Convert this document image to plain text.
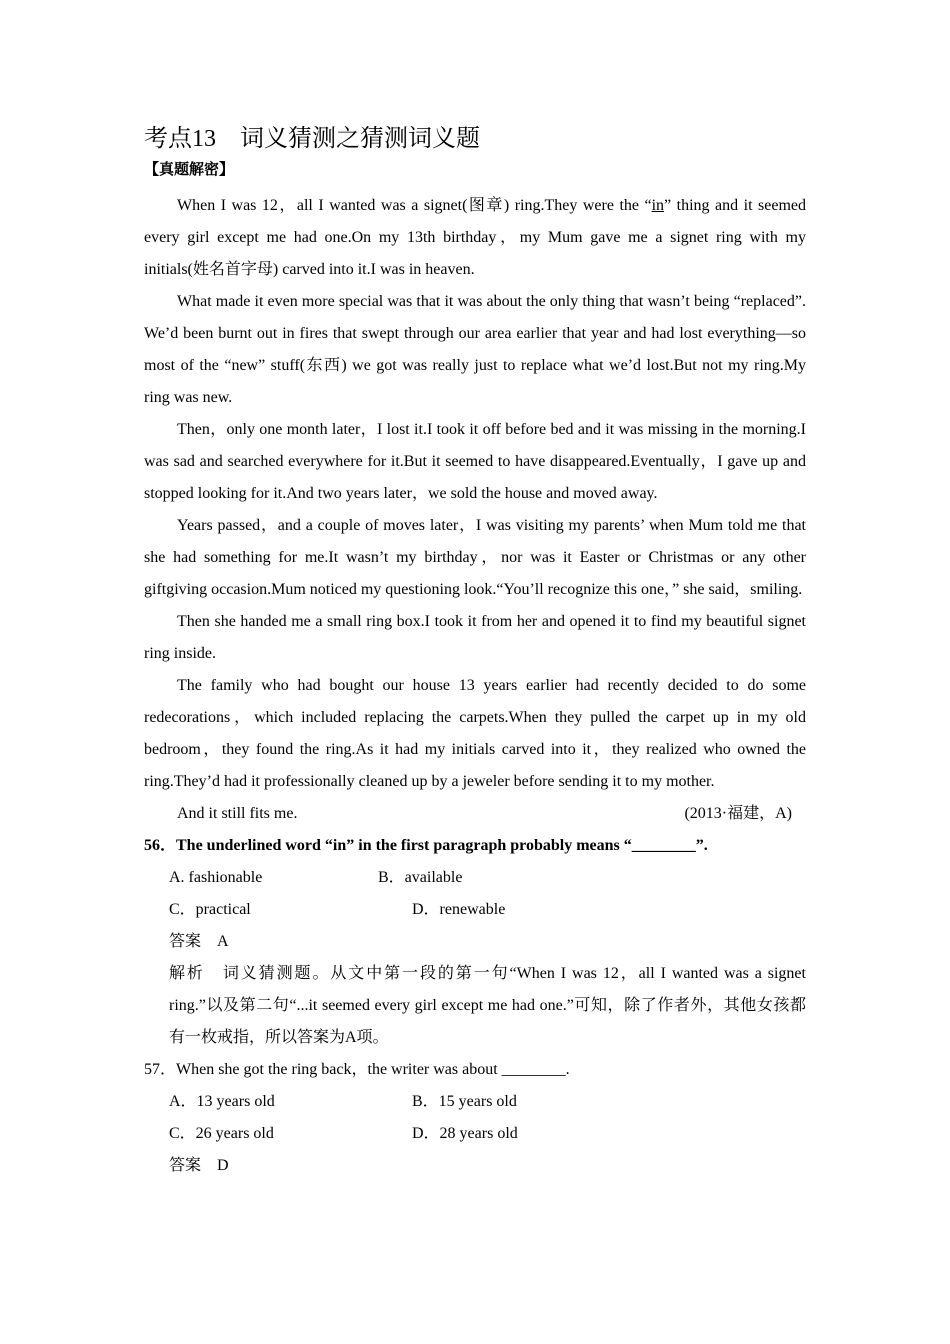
考点13 词义猜测之猜测词义题
【真题解密】

When I was 12，all I wanted was a signet(图章) ring.They were the “in” thing and it seemed every girl except me had one.On my 13th birthday，my Mum gave me a signet ring with my initials(姓名首字母) carved into it.I was in heaven.

What made it even more special was that it was about the only thing that wasn’t being “replaced”. We’d been burnt out in fires that swept through our area earlier that year and had lost everything—so most of the “new” stuff(东西) we got was really just to replace what we’d lost.But not my ring.My ring was new.

Then，only one month later，I lost it.I took it off before bed and it was missing in the morning.I was sad and searched everywhere for it.But it seemed to have disappeared.Eventually，I gave up and stopped looking for it.And two years later，we sold the house and moved away.

Years passed，and a couple of moves later，I was visiting my parents’ when Mum told me that she had something for me.It wasn’t my birthday，nor was it Easter or Christmas or any other giftgiving occasion.Mum noticed my questioning look.“You’ll recognize this one，” she said，smiling.

Then she handed me a small ring box.I took it from her and opened it to find my beautiful signet ring inside.

The family who had bought our house 13 years earlier had recently decided to do some redecorations，which included replacing the carpets.When they pulled the carpet up in my old bedroom，they found the ring.As it had my initials carved into it，they realized who owned the ring.They’d had it professionally cleaned up by a jeweler before sending it to my mother.

And it still fits me.	(2013·福建，A)

56．The underlined word “in” in the first paragraph probably means “________”.

A. fashionable	B．available
C．practical	D．renewable

答案 A

解析 词义猜测题。从文中第一段的第一句“When I was 12，all I wanted was a signet ring.”以及第二句“...it seemed every girl except me had one.”可知，除了作者外，其他女孩都有一枚戒指，所以答案为A项。

57．When she got the ring back，the writer was about ________.

A．13 years old	B．15 years old
C．26 years old	D．28 years old

答案 D
